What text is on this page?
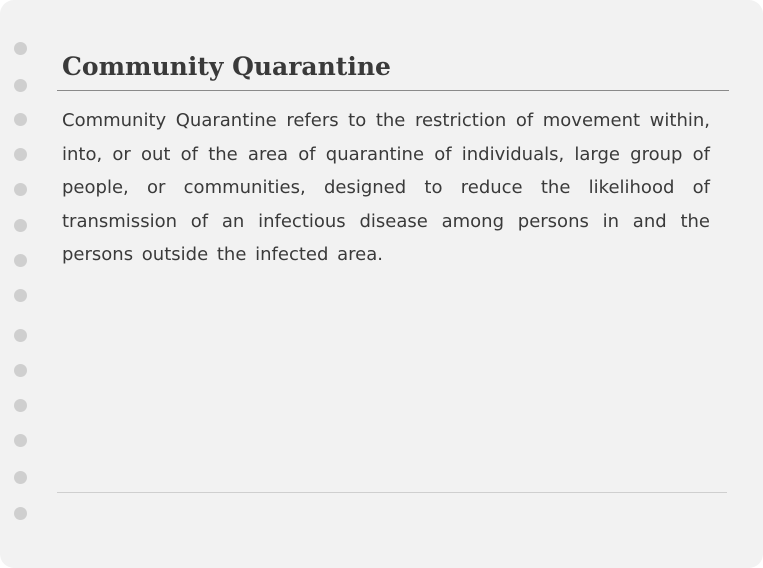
Community Quarantine

Community Quarantine refers to the restriction of movement within, into, or out of the area of quarantine of individuals, large group of people, or communities, designed to reduce the likelihood of transmission of an infectious disease among persons in and the persons outside the infected area.
